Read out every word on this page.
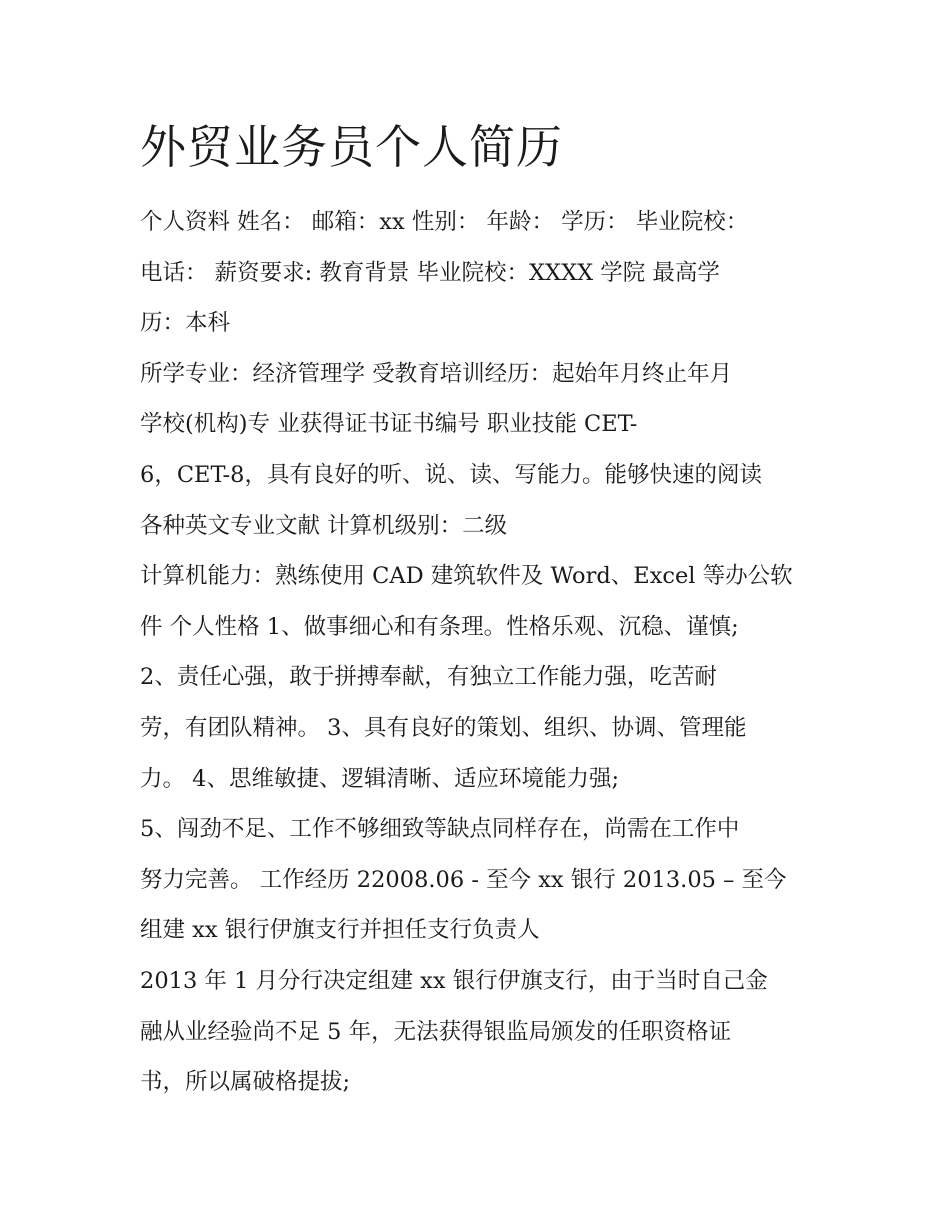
外贸业务员个人简历
个人资料 姓名： 邮箱：xx 性别： 年龄： 学历： 毕业院校：
电话： 薪资要求: 教育背景 毕业院校：XXXX 学院 最高学
历：本科
所学专业：经济管理学 受教育培训经历：起始年月终止年月
学校(机构)专 业获得证书证书编号 职业技能 CET-
6，CET-8，具有良好的听、说、读、写能力。能够快速的阅读
各种英文专业文献 计算机级别：二级
计算机能力：熟练使用 CAD 建筑软件及 Word、Excel 等办公软
件 个人性格 1、做事细心和有条理。性格乐观、沉稳、谨慎;
2、责任心强，敢于拼搏奉献，有独立工作能力强，吃苦耐
劳，有团队精神。 3、具有良好的策划、组织、协调、管理能
力。 4、思维敏捷、逻辑清晰、适应环境能力强;
5、闯劲不足、工作不够细致等缺点同样存在，尚需在工作中
努力完善。 工作经历 22008.06 - 至今 xx 银行 2013.05 – 至今
组建 xx 银行伊旗支行并担任支行负责人
2013 年 1 月分行决定组建 xx 银行伊旗支行，由于当时自己金
融从业经验尚不足 5 年，无法获得银监局颁发的任职资格证
书，所以属破格提拔;
